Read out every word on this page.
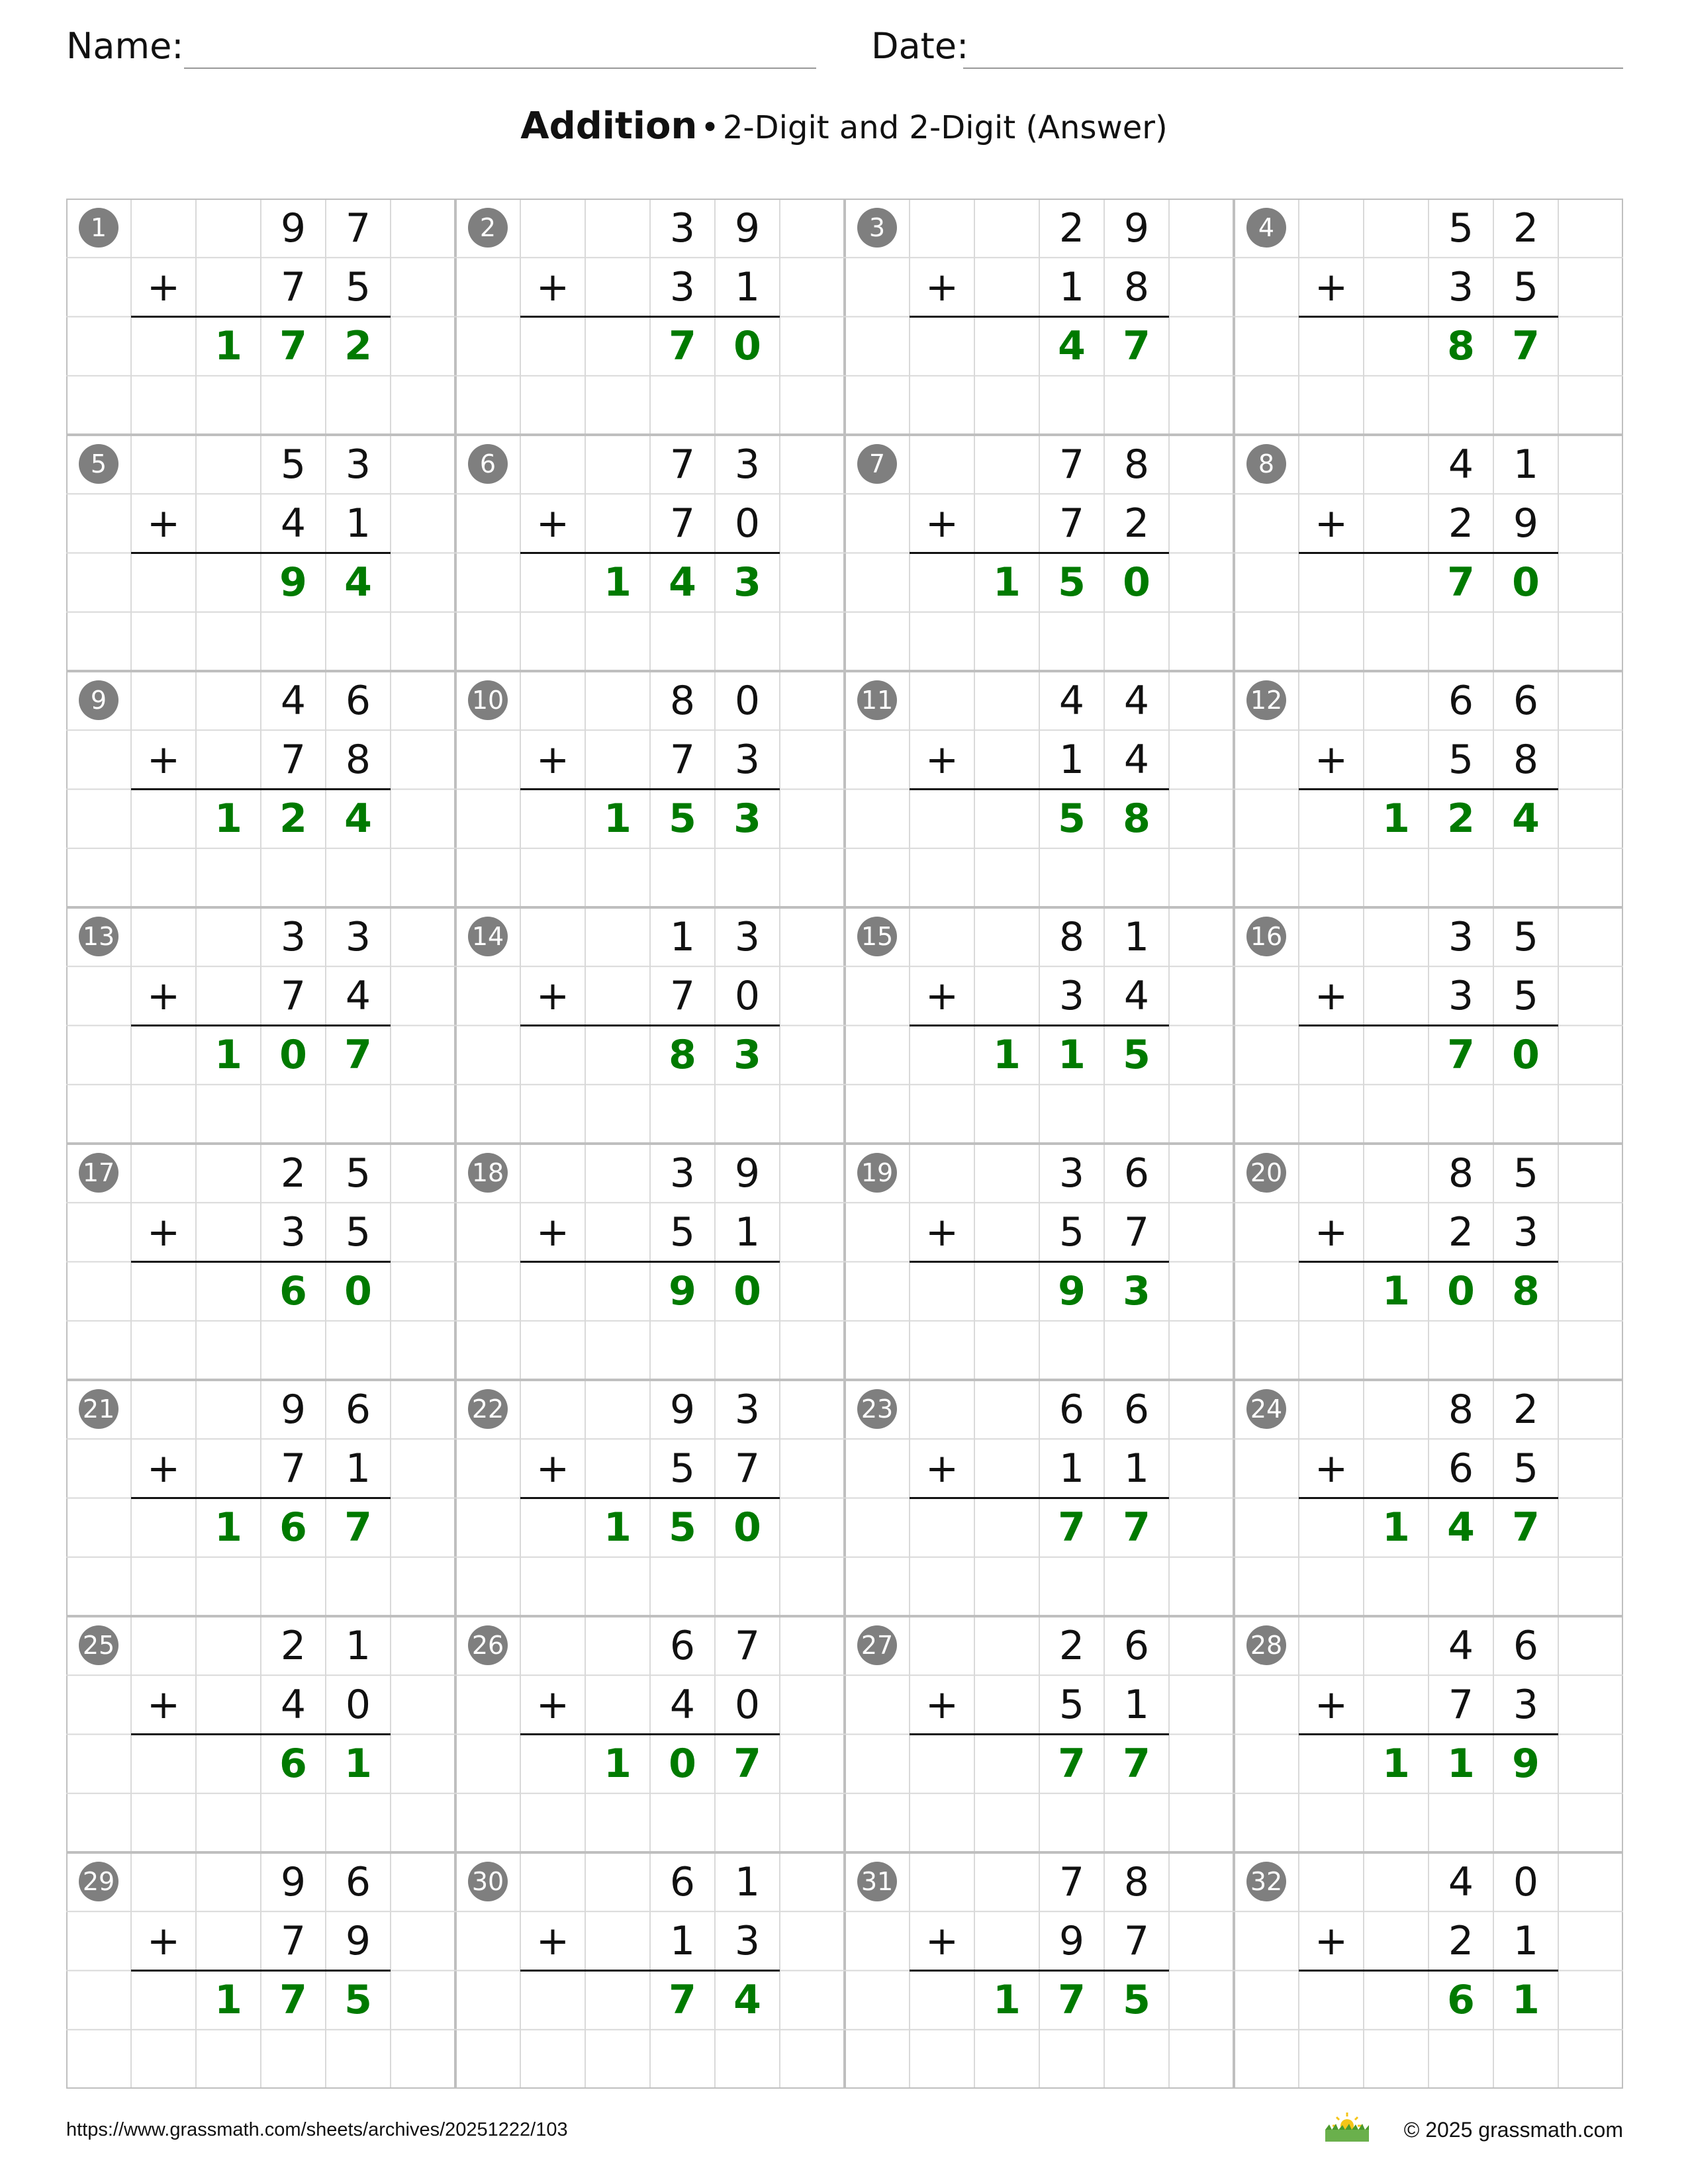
Name:	Date:
Addition • 2-Digit and 2-Digit (Answer)
1	9 7
+	7 5
1 7 2
2	3 9
+	3 1
7 0
3	2 9
+	1 8
4 7
4	5 2
+	3 5
8 7
5	5 3
+	4 1
9 4
6	7 3
+	7 0
1 4 3
7	7 8
+	7 2
1 5 0
8	4 1
+	2 9
7 0
9	4 6
+	7 8
1 2 4
10	8 0
+	7 3
1 5 3
11	4 4
+	1 4
5 8
12	6 6
+	5 8
1 2 4
13	3 3
+	7 4
1 0 7
14	1 3
+	7 0
8 3
15	8 1
+	3 4
1 1 5
16	3 5
+	3 5
7 0
17	2 5
+	3 5
6 0
18	3 9
+	5 1
9 0
19	3 6
+	5 7
9 3
20	8 5
+	2 3
1 0 8
21	9 6
+	7 1
1 6 7
22	9 3
+	5 7
1 5 0
23	6 6
+	1 1
7 7
24	8 2
+	6 5
1 4 7
25	2 1
+	4 0
6 1
26	6 7
+	4 0
1 0 7
27	2 6
+	5 1
7 7
28	4 6
+	7 3
1 1 9
29	9 6
+	7 9
1 7 5
30	6 1
+	1 3
7 4
31	7 8
+	9 7
1 7 5
32	4 0
+	2 1
6 1
https://www.grassmath.com/sheets/archives/20251222/103	© 2025 grassmath.com
